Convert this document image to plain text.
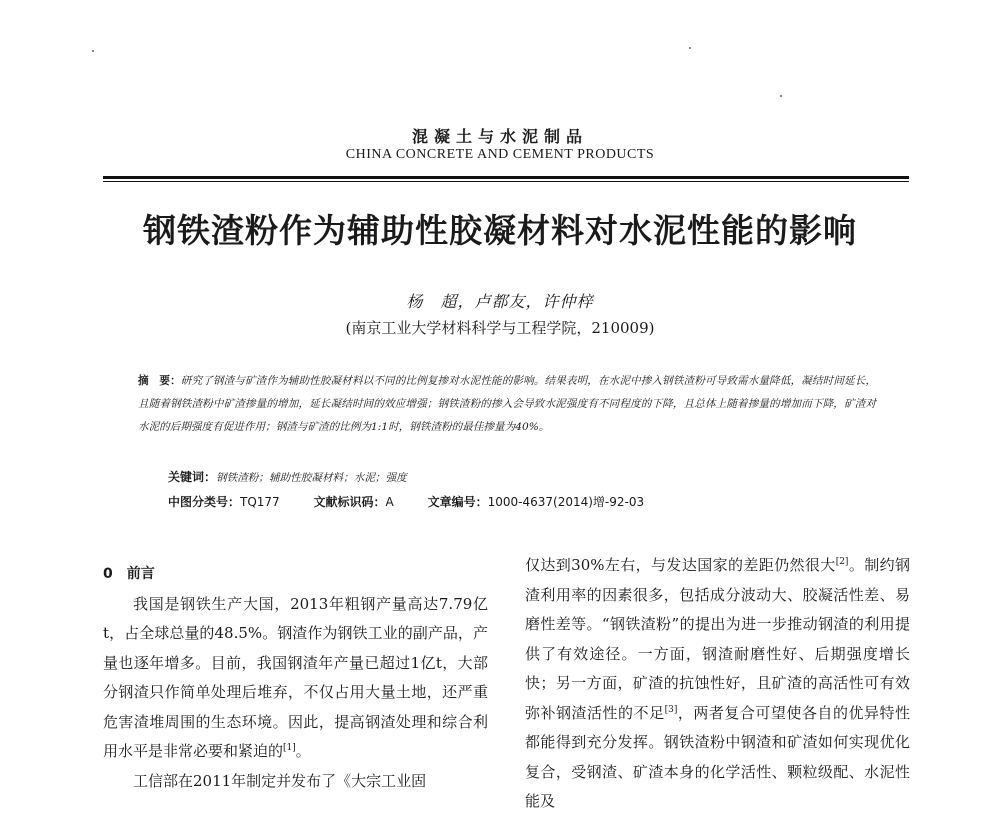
混凝土与水泥制品
CHINA CONCRETE AND CEMENT PRODUCTS
钢铁渣粉作为辅助性胶凝材料对水泥性能的影响
杨　超，卢都友，许仲梓
(南京工业大学材料科学与工程学院，210009)
摘　要：研究了钢渣与矿渣作为辅助性胶凝材料以不同的比例复掺对水泥性能的影响。结果表明，在水泥中掺入钢铁渣粉可导致需水量降低，凝结时间延长，且随着钢铁渣粉中矿渣掺量的增加，延长凝结时间的效应增强；钢铁渣粉的掺入会导致水泥强度有不同程度的下降，且总体上随着掺量的增加而下降，矿渣对水泥的后期强度有促进作用；钢渣与矿渣的比例为1:1时，钢铁渣粉的最佳掺量为40%。
关键词：钢铁渣粉；辅助性胶凝材料；水泥；强度
中图分类号：TQ177	文献标识码：A	文章编号：1000-4637(2014)增-92-03
0　前言

我国是钢铁生产大国，2013年粗钢产量高达7.79亿t，占全球总量的48.5%。钢渣作为钢铁工业的副产品，产量也逐年增多。目前，我国钢渣年产量已超过1亿t，大部分钢渣只作简单处理后堆弃，不仅占用大量土地，还严重危害渣堆周围的生态环境。因此，提高钢渣处理和综合利用水平是非常必要和紧迫的[1]。

工信部在2011年制定并发布了《大宗工业固

仅达到30%左右，与发达国家的差距仍然很大[2]。制约钢渣利用率的因素很多，包括成分波动大、胶凝活性差、易磨性差等。“钢铁渣粉”的提出为进一步推动钢渣的利用提供了有效途径。一方面，钢渣耐磨性好、后期强度增长快；另一方面，矿渣的抗蚀性好，且矿渣的高活性可有效弥补钢渣活性的不足[3]，两者复合可望使各自的优异特性都能得到充分发挥。钢铁渣粉中钢渣和矿渣如何实现优化复合，受钢渣、矿渣本身的化学活性、颗粒级配、水泥性能及
